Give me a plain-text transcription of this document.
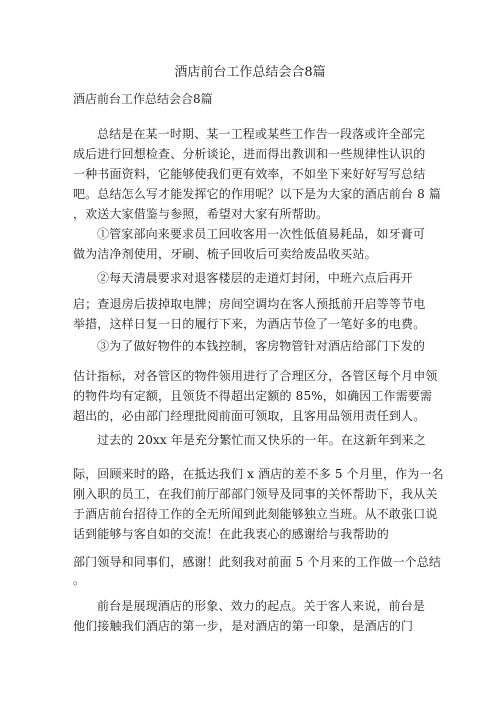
酒店前台工作总结会合8篇
酒店前台工作总结会合8篇
总结是在某一时期、某一工程或某些工作告一段落或许全部完
成后进行回想检查、分析谈论，进而得出教训和一些规律性认识的
一种书面资料，它能够使我们更有效率，不如坐下来好好写写总结
吧。总结怎么写才能发挥它的作用呢？以下是为大家的酒店前台 8 篇
，欢送大家借鉴与参照，希望对大家有所帮助。
①管家部向来要求员工回收客用一次性低值易耗品，如牙膏可
做为洁净剂使用，牙刷、梳子回收后可卖给废品收买站。
②每天清晨要求对退客楼层的走道灯封闭，中班六点后再开
启；查退房后拔掉取电牌；房间空调均在客人预抵前开启等等节电
举措，这样日复一日的履行下来，为酒店节俭了一笔好多的电费。
③为了做好物件的本钱控制，客房物管针对酒店给部门下发的
估计指标，对各管区的物件领用进行了合理区分，各管区每个月申领
的物件均有定额，且领货不得超出定额的 85%，如确因工作需要需
超出的，必由部门经理批阅前面可领取，且客用品领用责任到人。
过去的 20xx 年是充分繁忙而又快乐的一年。在这新年到来之
际，回顾来时的路，在抵达我们 x 酒店的差不多 5 个月里，作为一名
刚入职的员工，在我们前厅部部门领导及同事的关怀帮助下，我从关
于酒店前台招待工作的全无所闻到此刻能够独立当班。从不敢张口说
话到能够与客自如的交流！在此我衷心的感谢给与我帮助的
部门领导和同事们，感谢！此刻我对前面 5 个月来的工作做一个总结
。
前台是展现酒店的形象、效力的起点。关于客人来说，前台是
他们接触我们酒店的第一步，是对酒店的第一印象，是酒店的门
